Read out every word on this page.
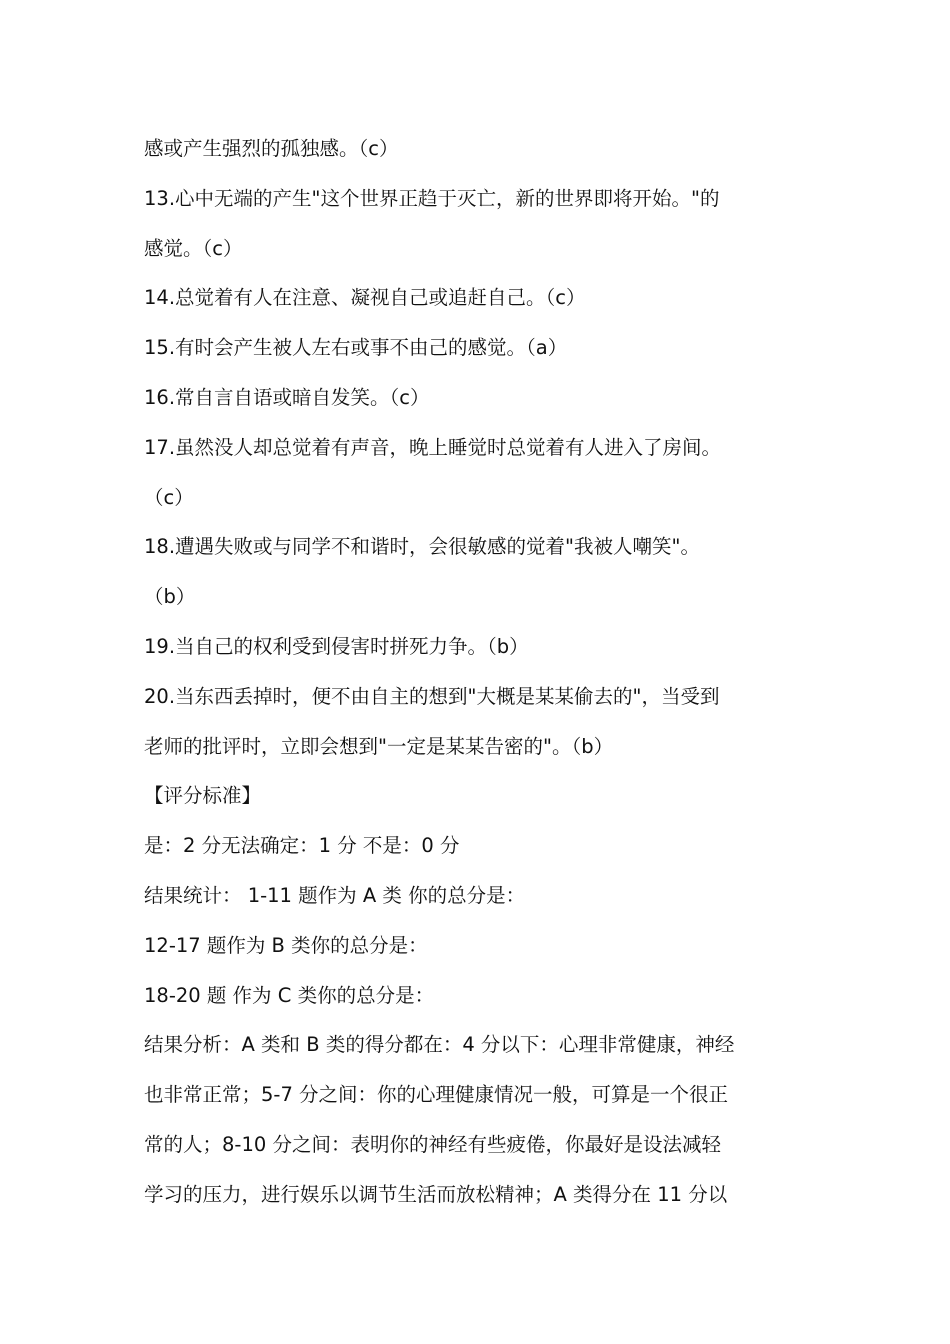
感或产生强烈的孤独感。（c）
13.心中无端的产生"这个世界正趋于灭亡，新的世界即将开始。"的
感觉。（c）
14.总觉着有人在注意、凝视自己或追赶自己。（c）
15.有时会产生被人左右或事不由己的感觉。（a）
16.常自言自语或暗自发笑。（c）
17.虽然没人却总觉着有声音，晚上睡觉时总觉着有人进入了房间。
（c）
18.遭遇失败或与同学不和谐时，会很敏感的觉着"我被人嘲笑"。
（b）
19.当自己的权利受到侵害时拼死力争。（b）
20.当东西丢掉时，便不由自主的想到"大概是某某偷去的"，当受到
老师的批评时，立即会想到"一定是某某告密的"。（b）
【评分标准】
是：2 分无法确定：1 分 不是：0 分
结果统计： 1-11 题作为 A 类 你的总分是：
12-17 题作为 B 类你的总分是：
18-20 题 作为 C 类你的总分是：
结果分析：A 类和 B 类的得分都在：4 分以下：心理非常健康，神经
也非常正常；5-7 分之间：你的心理健康情况一般，可算是一个很正
常的人；8-10 分之间：表明你的神经有些疲倦，你最好是设法减轻
学习的压力，进行娱乐以调节生活而放松精神；A 类得分在 11 分以
